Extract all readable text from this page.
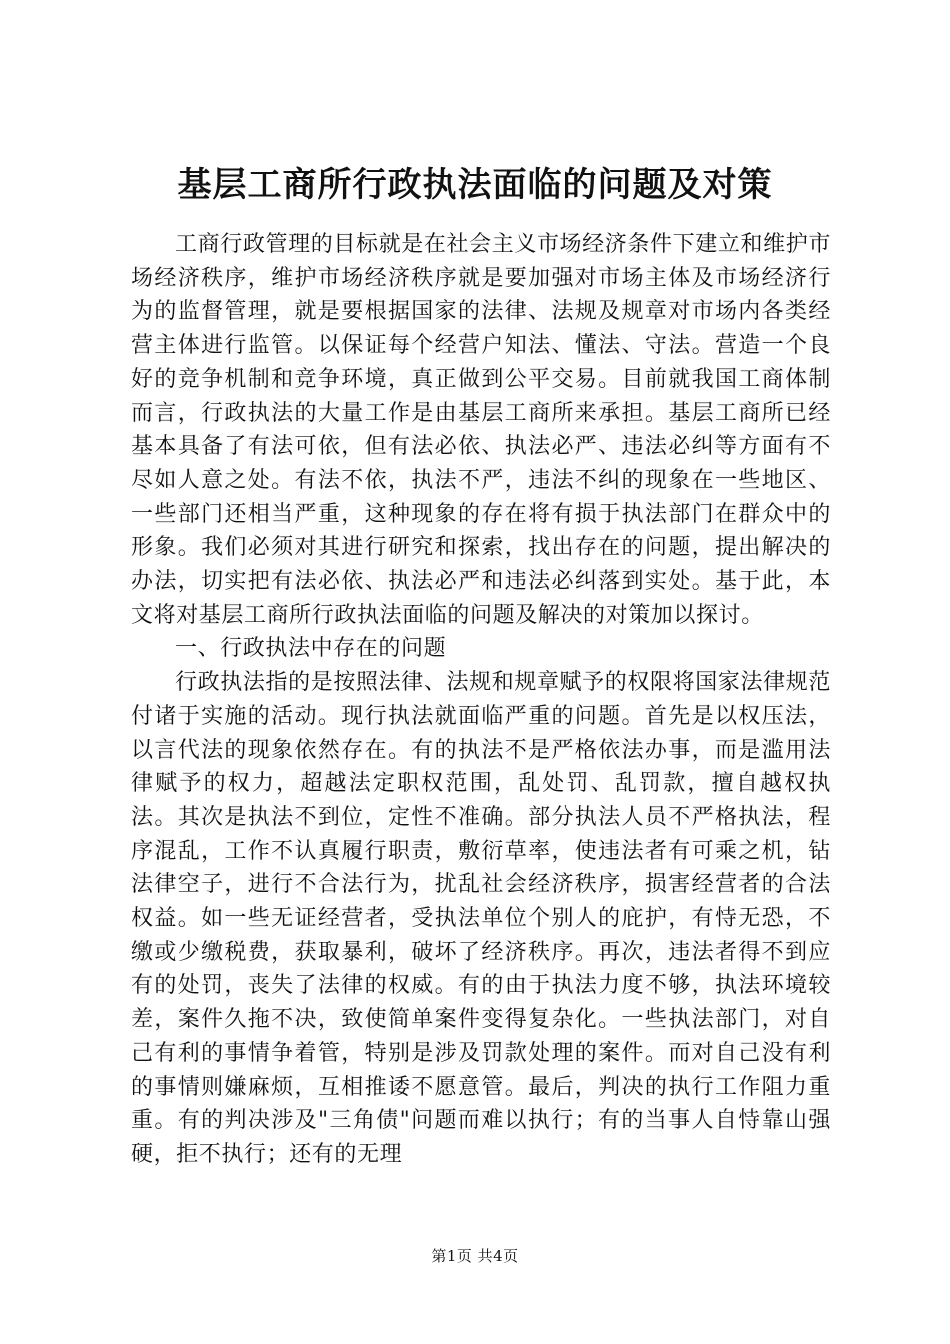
基层工商所行政执法面临的问题及对策

工商行政管理的目标就是在社会主义市场经济条件下建立和维护市场经济秩序，维护市场经济秩序就是要加强对市场主体及市场经济行为的监督管理，就是要根据国家的法律、法规及规章对市场内各类经营主体进行监管。以保证每个经营户知法、懂法、守法。营造一个良好的竞争机制和竞争环境，真正做到公平交易。目前就我国工商体制而言，行政执法的大量工作是由基层工商所来承担。基层工商所已经基本具备了有法可依，但有法必依、执法必严、违法必纠等方面有不尽如人意之处。有法不依，执法不严，违法不纠的现象在一些地区、一些部门还相当严重，这种现象的存在将有损于执法部门在群众中的形象。我们必须对其进行研究和探索，找出存在的问题，提出解决的办法，切实把有法必依、执法必严和违法必纠落到实处。基于此，本文将对基层工商所行政执法面临的问题及解决的对策加以探讨。

一、行政执法中存在的问题

行政执法指的是按照法律、法规和规章赋予的权限将国家法律规范付诸于实施的活动。现行执法就面临严重的问题。首先是以权压法，以言代法的现象依然存在。有的执法不是严格依法办事，而是滥用法律赋予的权力，超越法定职权范围，乱处罚、乱罚款，擅自越权执法。其次是执法不到位，定性不准确。部分执法人员不严格执法，程序混乱，工作不认真履行职责，敷衍草率，使违法者有可乘之机，钻法律空子，进行不合法行为，扰乱社会经济秩序，损害经营者的合法权益。如一些无证经营者，受执法单位个别人的庇护，有恃无恐，不缴或少缴税费，获取暴利，破坏了经济秩序。再次，违法者得不到应有的处罚，丧失了法律的权威。有的由于执法力度不够，执法环境较差，案件久拖不决，致使简单案件变得复杂化。一些执法部门，对自己有利的事情争着管，特别是涉及罚款处理的案件。而对自己没有利的事情则嫌麻烦，互相推诿不愿意管。最后，判决的执行工作阻力重重。有的判决涉及"三角债"问题而难以执行；有的当事人自恃靠山强硬，拒不执行；还有的无理

第1页 共4页
